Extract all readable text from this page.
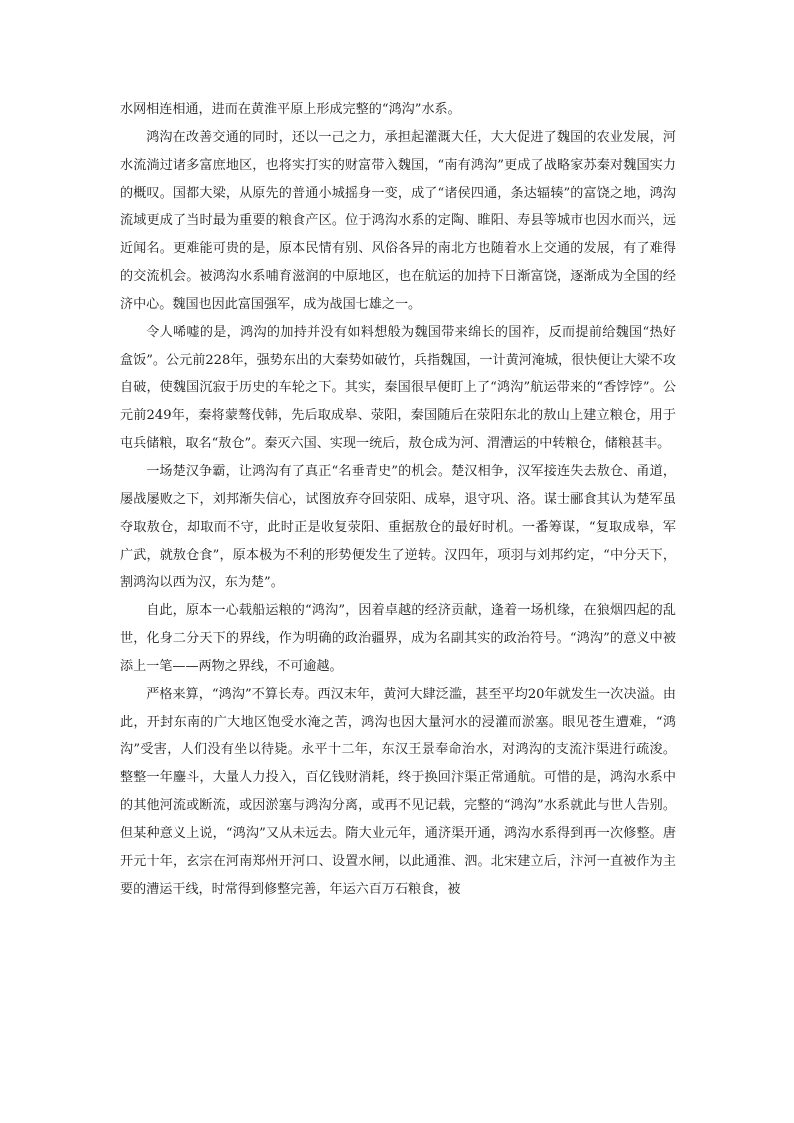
水网相连相通，进而在黄淮平原上形成完整的“鸿沟”水系。

鸿沟在改善交通的同时，还以一己之力，承担起灌溉大任，大大促进了魏国的农业发展，河水流淌过诸多富庶地区，也将实打实的财富带入魏国，“南有鸿沟”更成了战略家苏秦对魏国实力的概叹。国都大梁，从原先的普通小城摇身一变，成了“诸侯四通，条达辐辏”的富饶之地，鸿沟流域更成了当时最为重要的粮食产区。位于鸿沟水系的定陶、睢阳、寿县等城市也因水而兴，远近闻名。更难能可贵的是，原本民情有别、风俗各异的南北方也随着水上交通的发展，有了难得的交流机会。被鸿沟水系哺育滋润的中原地区，也在航运的加持下日渐富饶，逐渐成为全国的经济中心。魏国也因此富国强军，成为战国七雄之一。

令人唏嘘的是，鸿沟的加持并没有如料想般为魏国带来绵长的国祚，反而提前给魏国“热好盒饭”。公元前228年，强势东出的大秦势如破竹，兵指魏国，一计黄河淹城，很快便让大梁不攻自破，使魏国沉寂于历史的车轮之下。其实，秦国很早便盯上了“鸿沟”航运带来的“香饽饽”。公元前249年，秦将蒙骜伐韩，先后取成皋、荥阳，秦国随后在荥阳东北的敖山上建立粮仓，用于屯兵储粮，取名“敖仓”。秦灭六国、实现一统后，敖仓成为河、渭漕运的中转粮仓，储粮甚丰。

一场楚汉争霸，让鸿沟有了真正“名垂青史”的机会。楚汉相争，汉军接连失去敖仓、甬道，屡战屡败之下，刘邦渐失信心，试图放弃夺回荥阳、成皋，退守巩、洛。谋士郦食其认为楚军虽夺取敖仓，却取而不守，此时正是收复荥阳、重据敖仓的最好时机。一番筹谋，“复取成皋，军广武，就敖仓食”，原本极为不利的形势便发生了逆转。汉四年，项羽与刘邦约定，“中分天下，割鸿沟以西为汉，东为楚”。

自此，原本一心载船运粮的“鸿沟”，因着卓越的经济贡献，逢着一场机缘，在狼烟四起的乱世，化身二分天下的界线，作为明确的政治疆界，成为名副其实的政治符号。“鸿沟”的意义中被添上一笔——两物之界线，不可逾越。

严格来算，“鸿沟”不算长寿。西汉末年，黄河大肆泛滥，甚至平均20年就发生一次决溢。由此，开封东南的广大地区饱受水淹之苦，鸿沟也因大量河水的浸灌而淤塞。眼见苍生遭难，“鸿沟”受害，人们没有坐以待毙。永平十二年，东汉王景奉命治水，对鸿沟的支流汴渠进行疏浚。整整一年鏖斗，大量人力投入，百亿钱财消耗，终于换回汴渠正常通航。可惜的是，鸿沟水系中的其他河流或断流，或因淤塞与鸿沟分离，或再不见记载，完整的“鸿沟”水系就此与世人告别。但某种意义上说，“鸿沟”又从未远去。隋大业元年，通济渠开通，鸿沟水系得到再一次修整。唐开元十年，玄宗在河南郑州开河口、设置水闸，以此通淮、泗。北宋建立后，汴河一直被作为主要的漕运干线，时常得到修整完善，年运六百万石粮食，被
